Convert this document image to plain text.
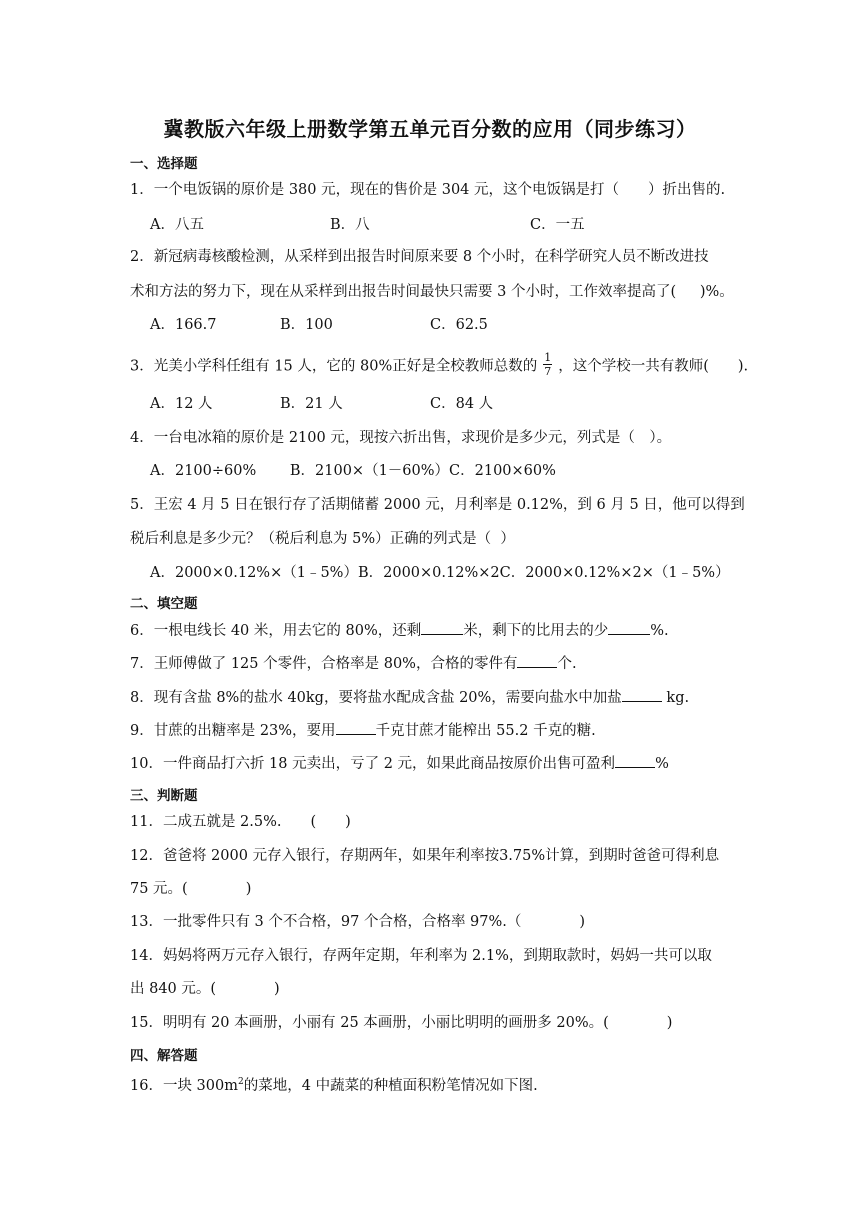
冀教版六年级上册数学第五单元百分数的应用（同步练习）
一、选择题
1．一个电饭锅的原价是 380 元，现在的售价是 304 元，这个电饭锅是打（　　）折出售的.
A．八五	B．八	C．一五
2．新冠病毒核酸检测，从采样到出报告时间原来要 8 个小时，在科学研究人员不断改进技
术和方法的努力下，现在从采样到出报告时间最快只需要 3 个小时，工作效率提高了(　  )%。
A．166.7	B．100	C．62.5
3．光美小学科任组有 15 人，它的 80%正好是全校教师总数的 $\frac{1}{7}$ ，这个学校一共有教师(　　).
A．12 人	B．21 人	C．84 人
4．一台电冰箱的原价是 2100 元，现按六折出售，求现价是多少元，列式是（　）。
A．2100÷60%　　 B．2100×（1－60%）C．2100×60%
5．王宏 4 月 5 日在银行存了活期储蓄 2000 元，月利率是 0.12%，到 6 月 5 日，他可以得到
税后利息是多少元？（税后利息为 5%）正确的列式是（  ）
A．2000×0.12%×（1﹣5%）B．2000×0.12%×2C．2000×0.12%×2×（1﹣5%）
二、填空题
6．一根电线长 40 米，用去它的 80%，还剩	米，剩下的比用去的少	%.
7．王师傅做了 125 个零件，合格率是 80%，合格的零件有	个.
8．现有含盐 8%的盐水 40kg，要将盐水配成含盐 20%，需要向盐水中加盐	kg.
9．甘蔗的出糖率是 23%，要用	千克甘蔗才能榨出 55.2 千克的糖.
10．一件商品打六折 18 元卖出，亏了 2 元，如果此商品按原价出售可盈利	%
三、判断题
11．二成五就是 2.5%.　　(　　)
12．爸爸将 2000 元存入银行，存期两年，如果年利率按3.75%计算，到期时爸爸可得利息
75 元。(　　　　)
13．一批零件只有 3 个不合格，97 个合格，合格率 97%.（　　　　)
14．妈妈将两万元存入银行，存两年定期，年利率为 2.1%，到期取款时，妈妈一共可以取
出 840 元。(　　　　)
15．明明有 20 本画册，小丽有 25 本画册，小丽比明明的画册多 20%。(　　　　)
四、解答题
16．一块 $300m^2$的菜地，4 中蔬菜的种植面积粉笔情况如下图.
